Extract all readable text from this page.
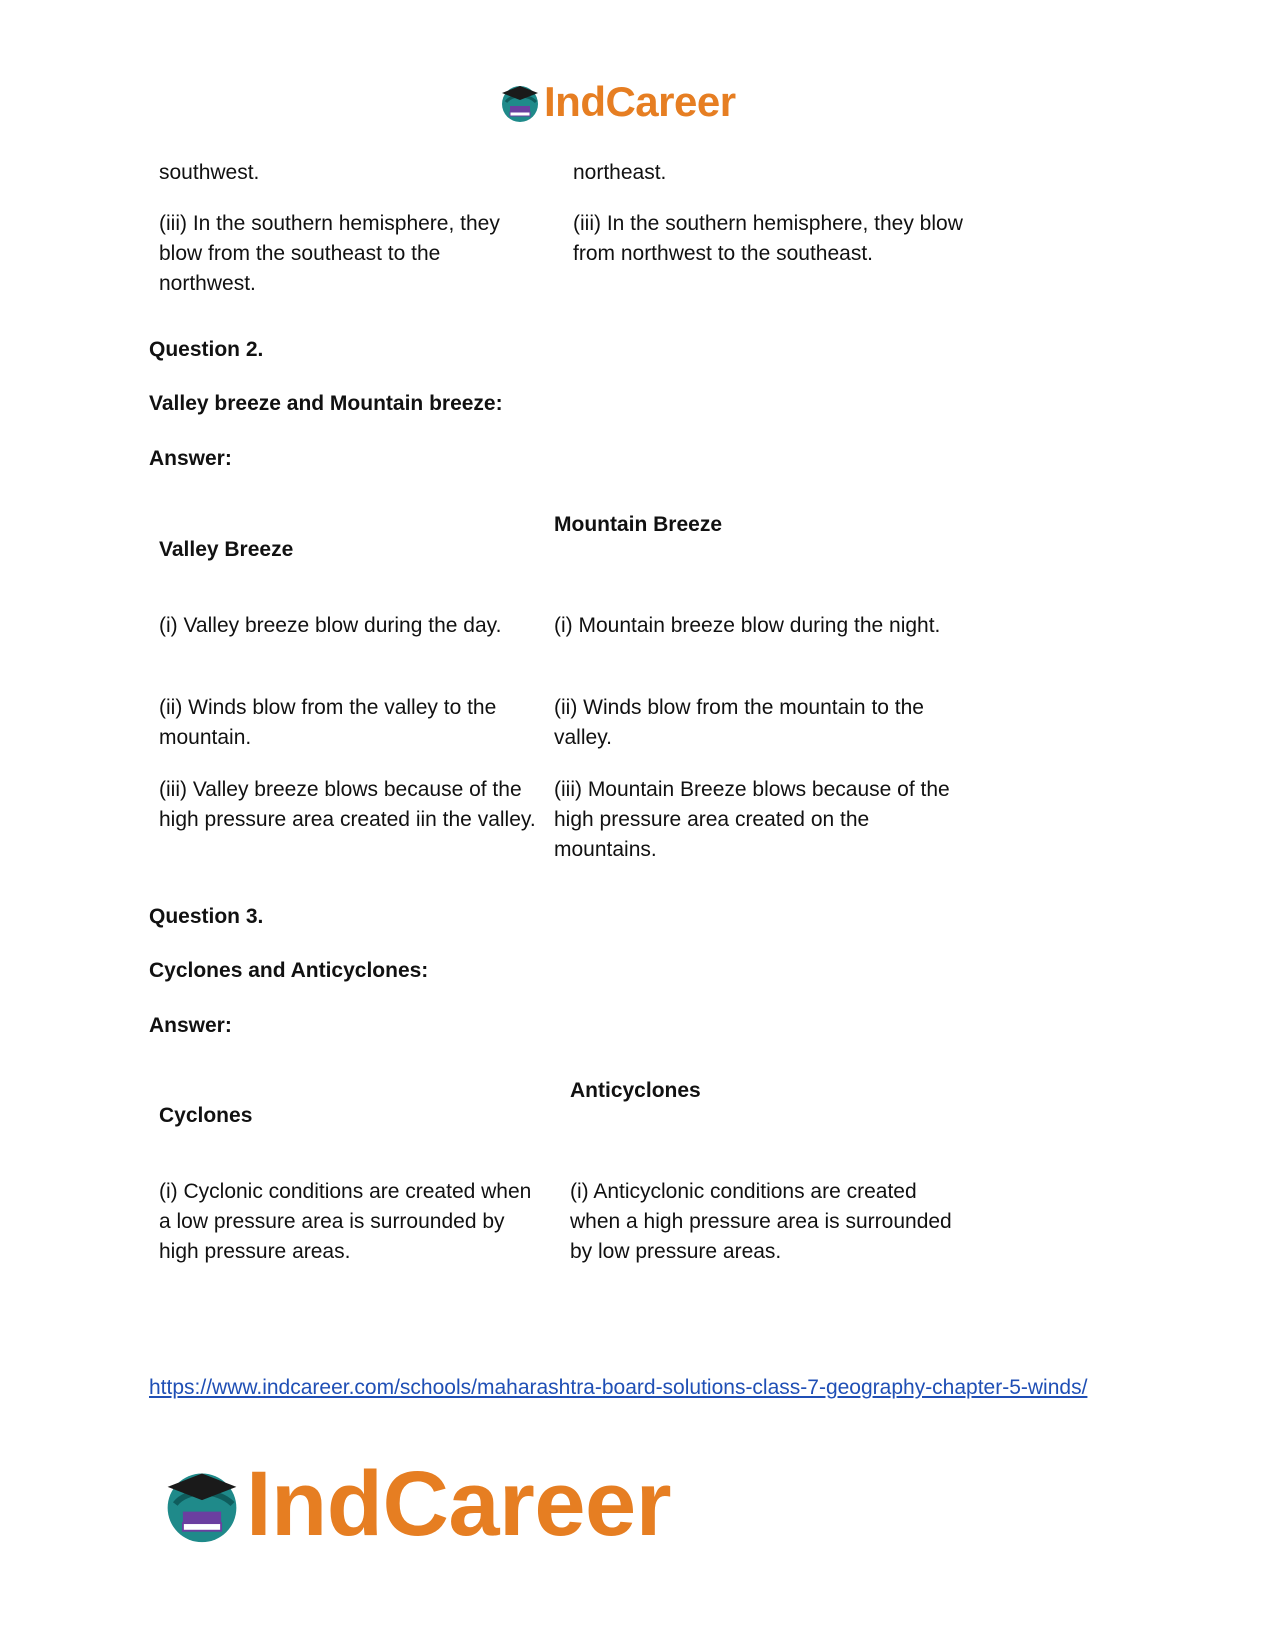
IndCareer
southwest.	northeast.
(iii) In the southern hemisphere, they blow from the southeast to the northwest.
(iii) In the southern hemisphere, they blow from northwest to the southeast.
Question 2.
Valley breeze and Mountain breeze:
Answer:
Valley Breeze
Mountain Breeze
(i) Valley breeze blow during the day.	(i) Mountain breeze blow during the night.
(ii) Winds blow from the valley to the mountain.
(ii) Winds blow from the mountain to the valley.
(iii) Valley breeze blows because of the high pressure area created iin the valley.
(iii) Mountain Breeze blows because of the high pressure area created on the mountains.
Question 3.
Cyclones and Anticyclones:
Answer:
Cyclones
Anticyclones
(i) Cyclonic conditions are created when a low pressure area is surrounded by high pressure areas.
(i) Anticyclonic conditions are created when a high pressure area is surrounded by low pressure areas.
https://www.indcareer.com/schools/maharashtra-board-solutions-class-7-geography-chapter-5-winds/
IndCareer
